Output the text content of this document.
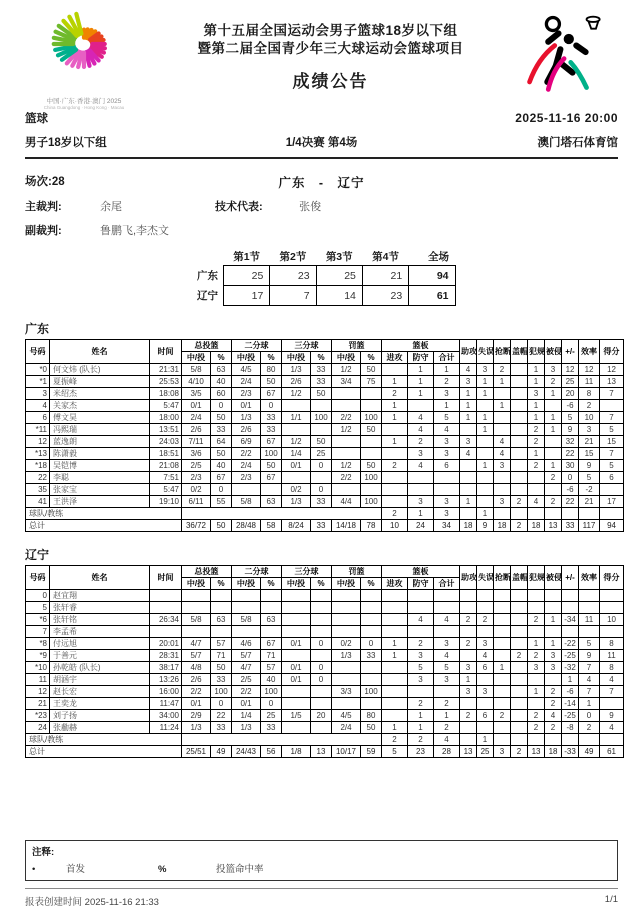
中国·广东·香港·澳门 2025
China Guangdong · Hong Kong · Macau
第十五届全国运动会男子篮球18岁以下组
暨第二届全国青少年三大球运动会篮球项目
成绩公告
篮球	2025-11-16 20:00
男子18岁以下组	1/4决赛 第4场	澳门塔石体育馆
场次:28	广东 - 辽宁
主裁判:	余尾	技术代表:	张俊
副裁判:	鲁鹏飞,李杰文
	第1节	第2节	第3节	第4节	全场
广东	25	23	25	21	94
辽宁	17	7	14	23	61
广东
号码	姓名	时间	总投篮		二分球		三分球		罚篮		篮板			助攻	失误	抢断	盖帽	犯规	被侵	+/-	效率	得分
			中/投	%	中/投	%	中/投	%	中/投	%	进攻	防守	合计									
*0	何文炜 (队长)	21:31	5/8	63	4/5	80	1/3	33	1/2	50		1	1	4	3	2		1	3	12	12	12
*1	夏振峰	25:53	4/10	40	2/4	50	2/6	33	3/4	75	1	1	2	3	1	1		1	2	25	11	13
3	米绍杰	18:08	3/5	60	2/3	67	1/2	50			2	1	3	1	1			3	1	20	8	7
4	关家杰	5:47	0/1	0	0/1	0					1		1	1		1		1		-6	2	
6	傅文昊	18:00	2/4	50	1/3	33	1/1	100	2/2	100	1	4	5	1	1			1	1	5	10	7
*11	冯熙瑞	13:51	2/6	33	2/6	33			1/2	50		4	4		1			2	1	9	3	5
12	蓝逸朗	24:03	7/11	64	6/9	67	1/2	50			1	2	3	3		4		2		32	21	15
*13	陈潇毅	18:51	3/6	50	2/2	100	1/4	25				3	3	4		4		1		22	15	7
*18	吴铠博	21:08	2/5	40	2/4	50	0/1	0	1/2	50	2	4	6		1	3		2	1	30	9	5
22	李聪	7:51	2/3	67	2/3	67			2/2	100									2	0	5	6
35	张家宝	5:47	0/2	0			0/2	0												-6	-2	
41	王洪泽	19:10	6/11	55	5/8	63	1/3	33	4/4	100		3	3	1		3	2	4	2	22	21	17
球队/教练											2	1	3		1							
总计			36/72	50	28/48	58	8/24	33	14/18	78	10	24	34	18	9	18	2	18	13	33	117	94
辽宁
号码	姓名	时间	总投篮		二分球		三分球		罚篮		篮板			助攻	失误	抢断	盖帽	犯规	被侵	+/-	效率	得分
			中/投	%	中/投	%	中/投	%	中/投	%	进攻	防守	合计									
0	赵宜翔																					
5	张轩睿																					
*6	张轩铭	26:34	5/8	63	5/8	63						4	4	2	2			2	1	-34	11	10
7	李孟希																					
*8	付远旭	20:01	4/7	57	4/6	67	0/1	0	0/2	0	1	2	3	2	3			1	1	-22	5	8
*9	于善元	28:31	5/7	71	5/7	71			1/3	33	1	3	4		4		2	2	3	-25	9	11
*10	孙乾皓 (队长)	38:17	4/8	50	4/7	57	0/1	0				5	5	3	6	1		3	3	-32	7	8
11	胡涵宇	13:26	2/6	33	2/5	40	0/1	0				3	3	1						1	4	4
12	赵长宏	16:00	2/2	100	2/2	100			3/3	100				3	3			1	2	-6	7	7
21	王奕龙	11:47	0/1	0	0/1	0						2	2						2	-14	1	
*23	刘子扬	34:00	2/9	22	1/4	25	1/5	20	4/5	80		1	1	2	6	2		2	4	-25	0	9
24	张勴赫	11:24	1/3	33	1/3	33			2/4	50	1	1	2					2	2	-8	2	4
球队/教练											2	2	4		1							
总计			25/51	49	24/43	56	1/8	13	10/17	59	5	23	28	13	25	3	2	13	18	-33	49	61
注释:
•	首发	%	投篮命中率
报表创建时间 2025-11-16 21:33	1/1
